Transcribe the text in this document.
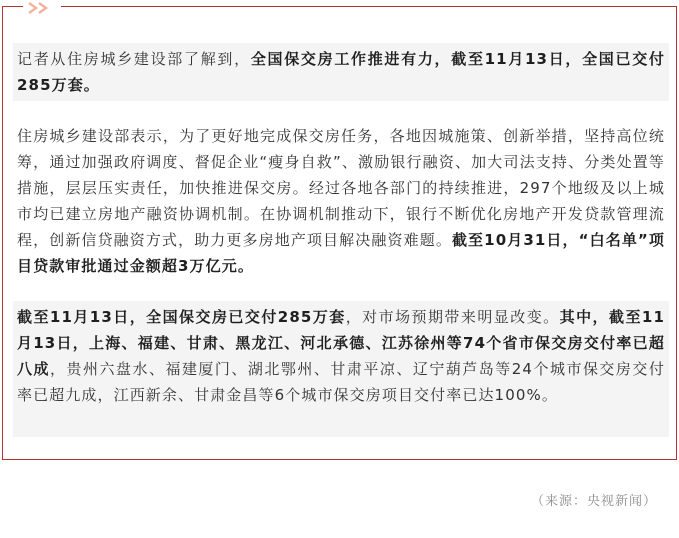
记者从住房城乡建设部了解到，全国保交房工作推进有力，截至11月13日，全国已交付285万套。

住房城乡建设部表示，为了更好地完成保交房任务，各地因城施策、创新举措，坚持高位统筹，通过加强政府调度、督促企业“瘦身自救”、激励银行融资、加大司法支持、分类处置等措施，层层压实责任，加快推进保交房。经过各地各部门的持续推进，297个地级及以上城市均已建立房地产融资协调机制。在协调机制推动下，银行不断优化房地产开发贷款管理流程，创新信贷融资方式，助力更多房地产项目解决融资难题。截至10月31日，“白名单”项目贷款审批通过金额超3万亿元。

截至11月13日，全国保交房已交付285万套，对市场预期带来明显改变。其中，截至11月13日，上海、福建、甘肃、黑龙江、河北承德、江苏徐州等74个省市保交房交付率已超八成，贵州六盘水、福建厦门、湖北鄂州、甘肃平凉、辽宁葫芦岛等24个城市保交房交付率已超九成，江西新余、甘肃金昌等6个城市保交房项目交付率已达100%。

（来源：央视新闻）
